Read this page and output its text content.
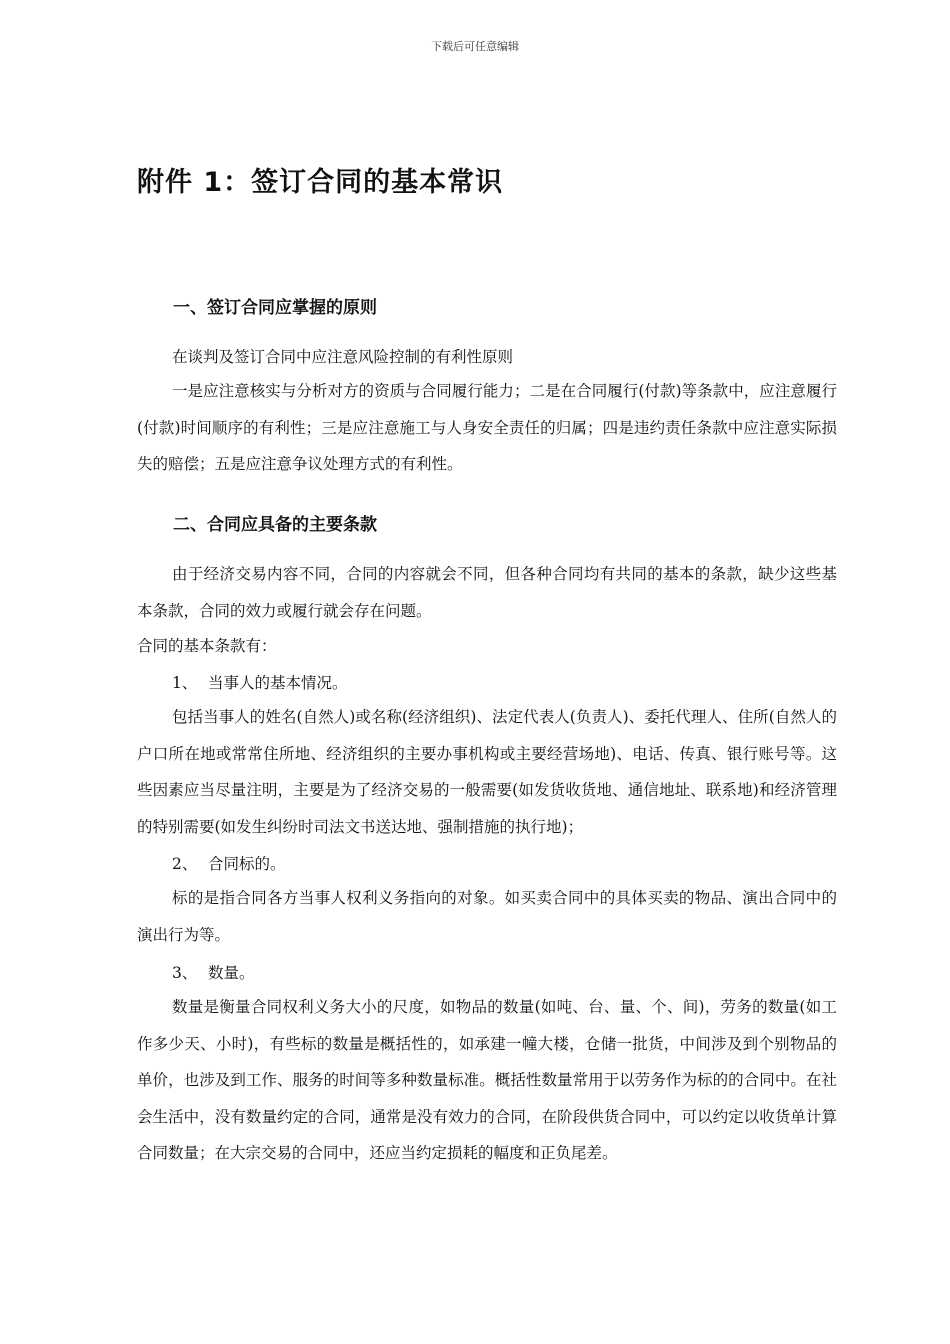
下载后可任意编辑
附件 1：签订合同的基本常识
一、签订合同应掌握的原则

在谈判及签订合同中应注意风险控制的有利性原则

一是应注意核实与分析对方的资质与合同履行能力；二是在合同履行(付款)等条款中，应注意履行(付款)时间顺序的有利性；三是应注意施工与人身安全责任的归属；四是违约责任条款中应注意实际损失的赔偿；五是应注意争议处理方式的有利性。

二、合同应具备的主要条款

由于经济交易内容不同，合同的内容就会不同，但各种合同均有共同的基本的条款，缺少这些基本条款，合同的效力或履行就会存在问题。

合同的基本条款有：

1、 当事人的基本情况。

包括当事人的姓名(自然人)或名称(经济组织)、法定代表人(负责人)、委托代理人、住所(自然人的户口所在地或常常住所地、经济组织的主要办事机构或主要经营场地)、电话、传真、银行账号等。这些因素应当尽量注明，主要是为了经济交易的一般需要(如发货收货地、通信地址、联系地)和经济管理的特别需要(如发生纠纷时司法文书送达地、强制措施的执行地)；

2、 合同标的。

标的是指合同各方当事人权利义务指向的对象。如买卖合同中的具体买卖的物品、演出合同中的演出行为等。

3、 数量。

数量是衡量合同权利义务大小的尺度，如物品的数量(如吨、台、量、个、间)，劳务的数量(如工作多少天、小时)，有些标的数量是概括性的，如承建一幢大楼，仓储一批货，中间涉及到个别物品的单价，也涉及到工作、服务的时间等多种数量标准。概括性数量常用于以劳务作为标的的合同中。在社会生活中，没有数量约定的合同，通常是没有效力的合同，在阶段供货合同中，可以约定以收货单计算合同数量；在大宗交易的合同中，还应当约定损耗的幅度和正负尾差。
